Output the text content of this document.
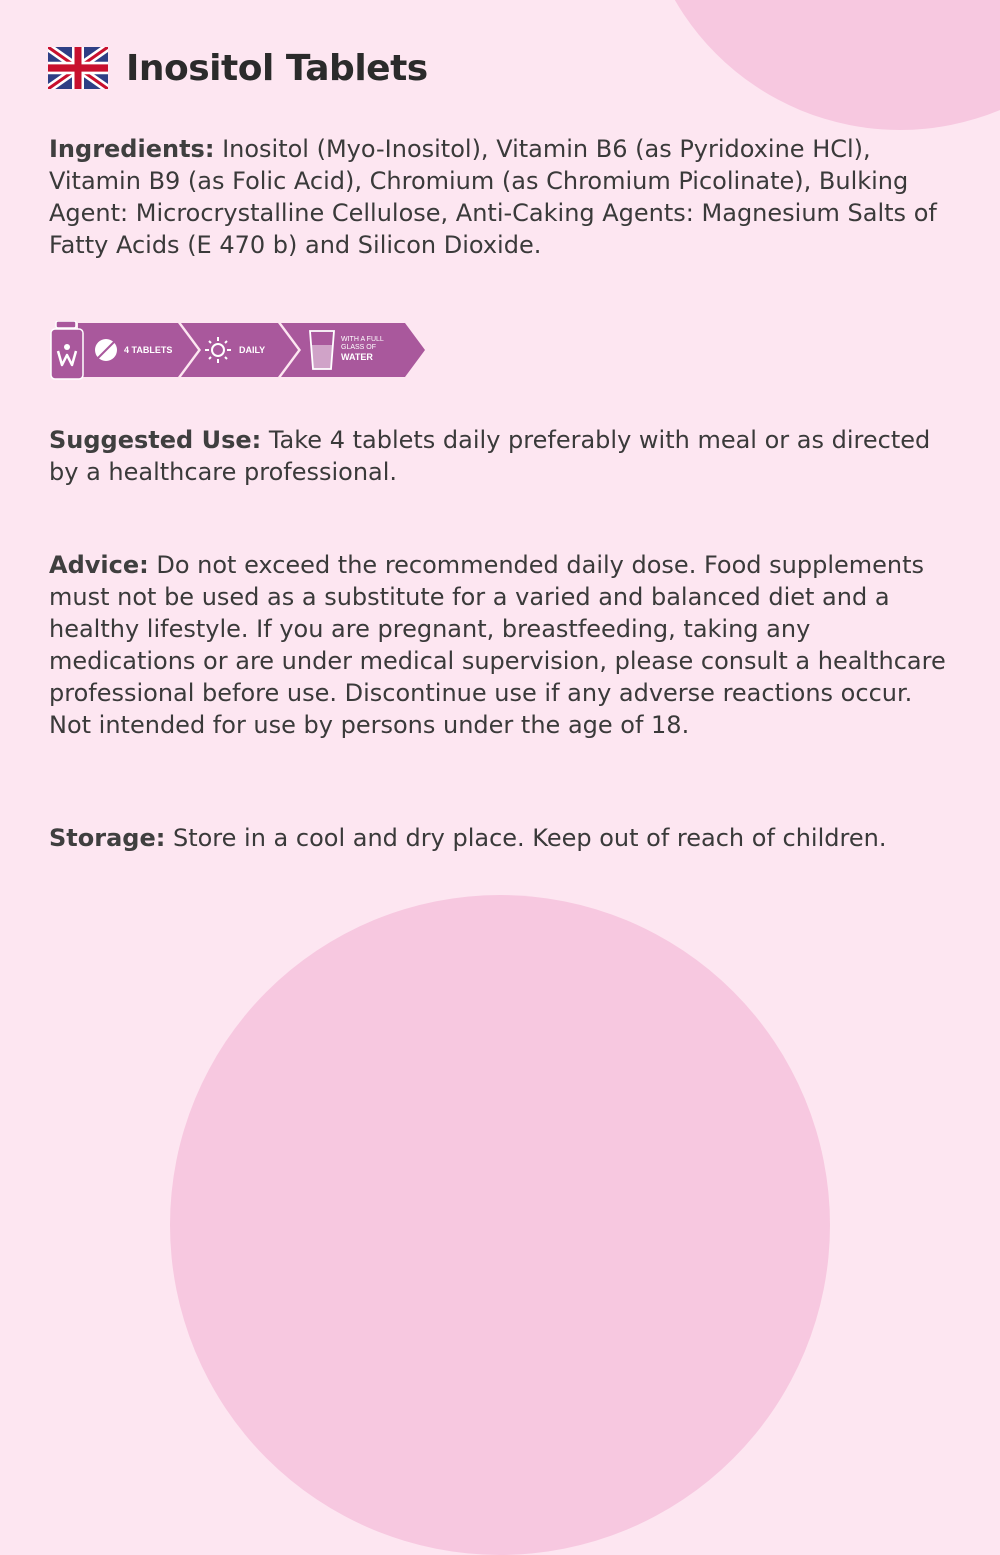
Inositol Tablets

Ingredients: Inositol (Myo-Inositol), Vitamin B6 (as Pyridoxine HCl), Vitamin B9 (as Folic Acid), Chromium (as Chromium Picolinate), Bulking Agent: Microcrystalline Cellulose, Anti-Caking Agents: Magnesium Salts of Fatty Acids (E 470 b) and Silicon Dioxide.

4 TABLETS	DAILY
WITH A FULL
GLASS OF
WATER

Suggested Use: Take 4 tablets daily preferably with meal or as directed by a healthcare professional.

Advice: Do not exceed the recommended daily dose. Food supplements must not be used as a substitute for a varied and balanced diet and a healthy lifestyle. If you are pregnant, breastfeeding, taking any medications or are under medical supervision, please consult a healthcare professional before use. Discontinue use if any adverse reactions occur. Not intended for use by persons under the age of 18.

Storage: Store in a cool and dry place. Keep out of reach of children.
